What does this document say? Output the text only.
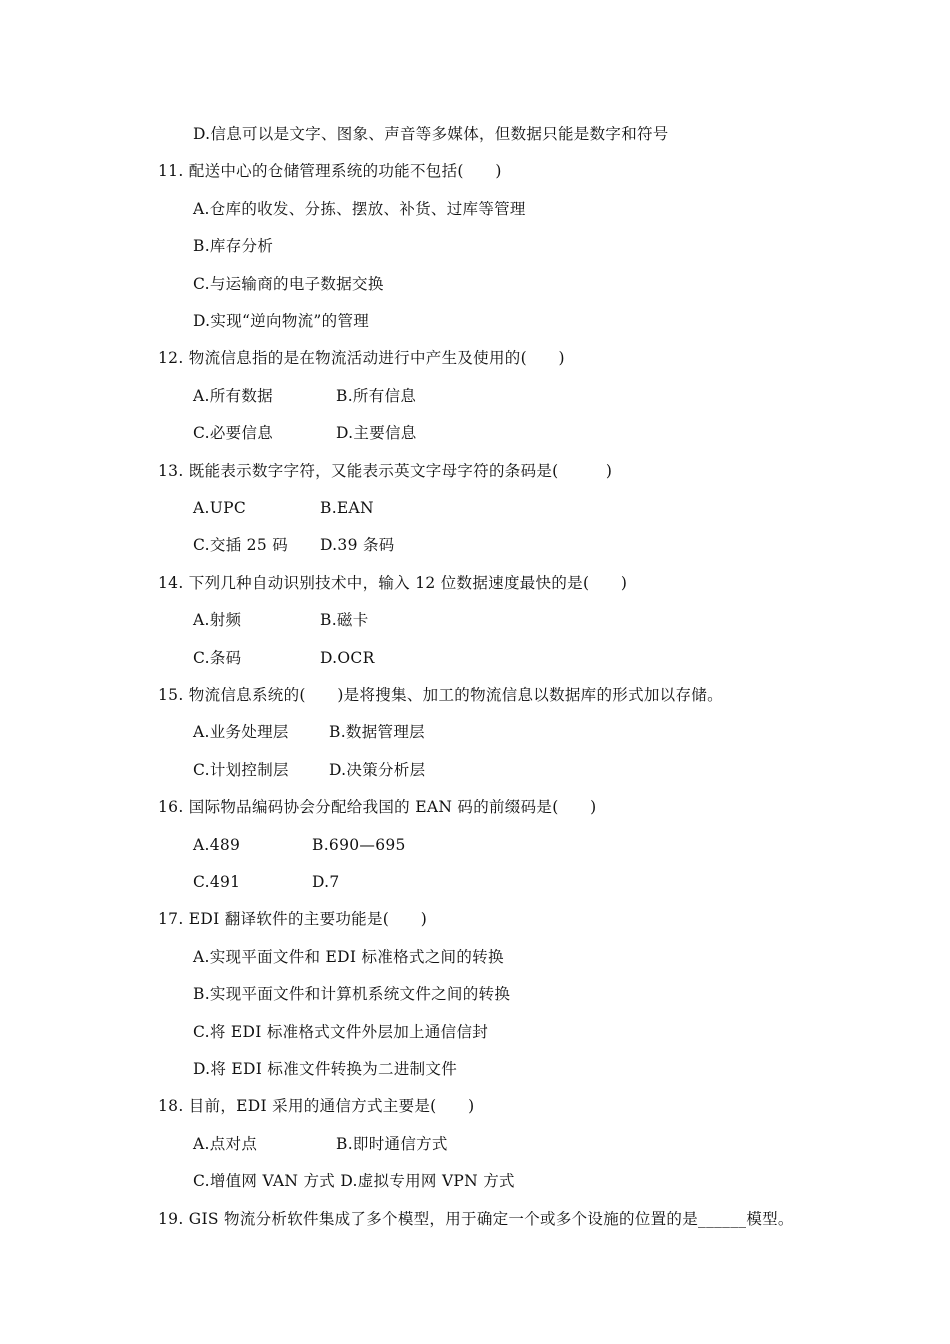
D.信息可以是文字、图象、声音等多媒体，但数据只能是数字和符号
11. 配送中心的仓储管理系统的功能不包括(　　)
A.仓库的收发、分拣、摆放、补货、过库等管理
B.库存分析
C.与运输商的电子数据交换
D.实现“逆向物流”的管理
12. 物流信息指的是在物流活动进行中产生及使用的(　　)
A.所有数据	B.所有信息
C.必要信息	D.主要信息
13. 既能表示数字字符，又能表示英文字母字符的条码是(　　　)
A.UPC	B.EAN
C.交插 25 码 D.39 条码
14. 下列几种自动识别技术中，输入 12 位数据速度最快的是(　　)
A.射频	B.磁卡
C.条码	D.OCR
15. 物流信息系统的(　　)是将搜集、加工的物流信息以数据库的形式加以存储。
A.业务处理层	B.数据管理层
C.计划控制层	D.决策分析层
16. 国际物品编码协会分配给我国的 EAN 码的前缀码是(　　)
A.489	B.690—695
C.491	D.7
17. EDI 翻译软件的主要功能是(　　)
A.实现平面文件和 EDI 标准格式之间的转换
B.实现平面文件和计算机系统文件之间的转换
C.将 EDI 标准格式文件外层加上通信信封
D.将 EDI 标准文件转换为二进制文件
18. 目前，EDI 采用的通信方式主要是(　　)
A.点对点	B.即时通信方式
C.增值网 VAN 方式 D.虚拟专用网 VPN 方式
19. GIS 物流分析软件集成了多个模型，用于确定一个或多个设施的位置的是______模型。
